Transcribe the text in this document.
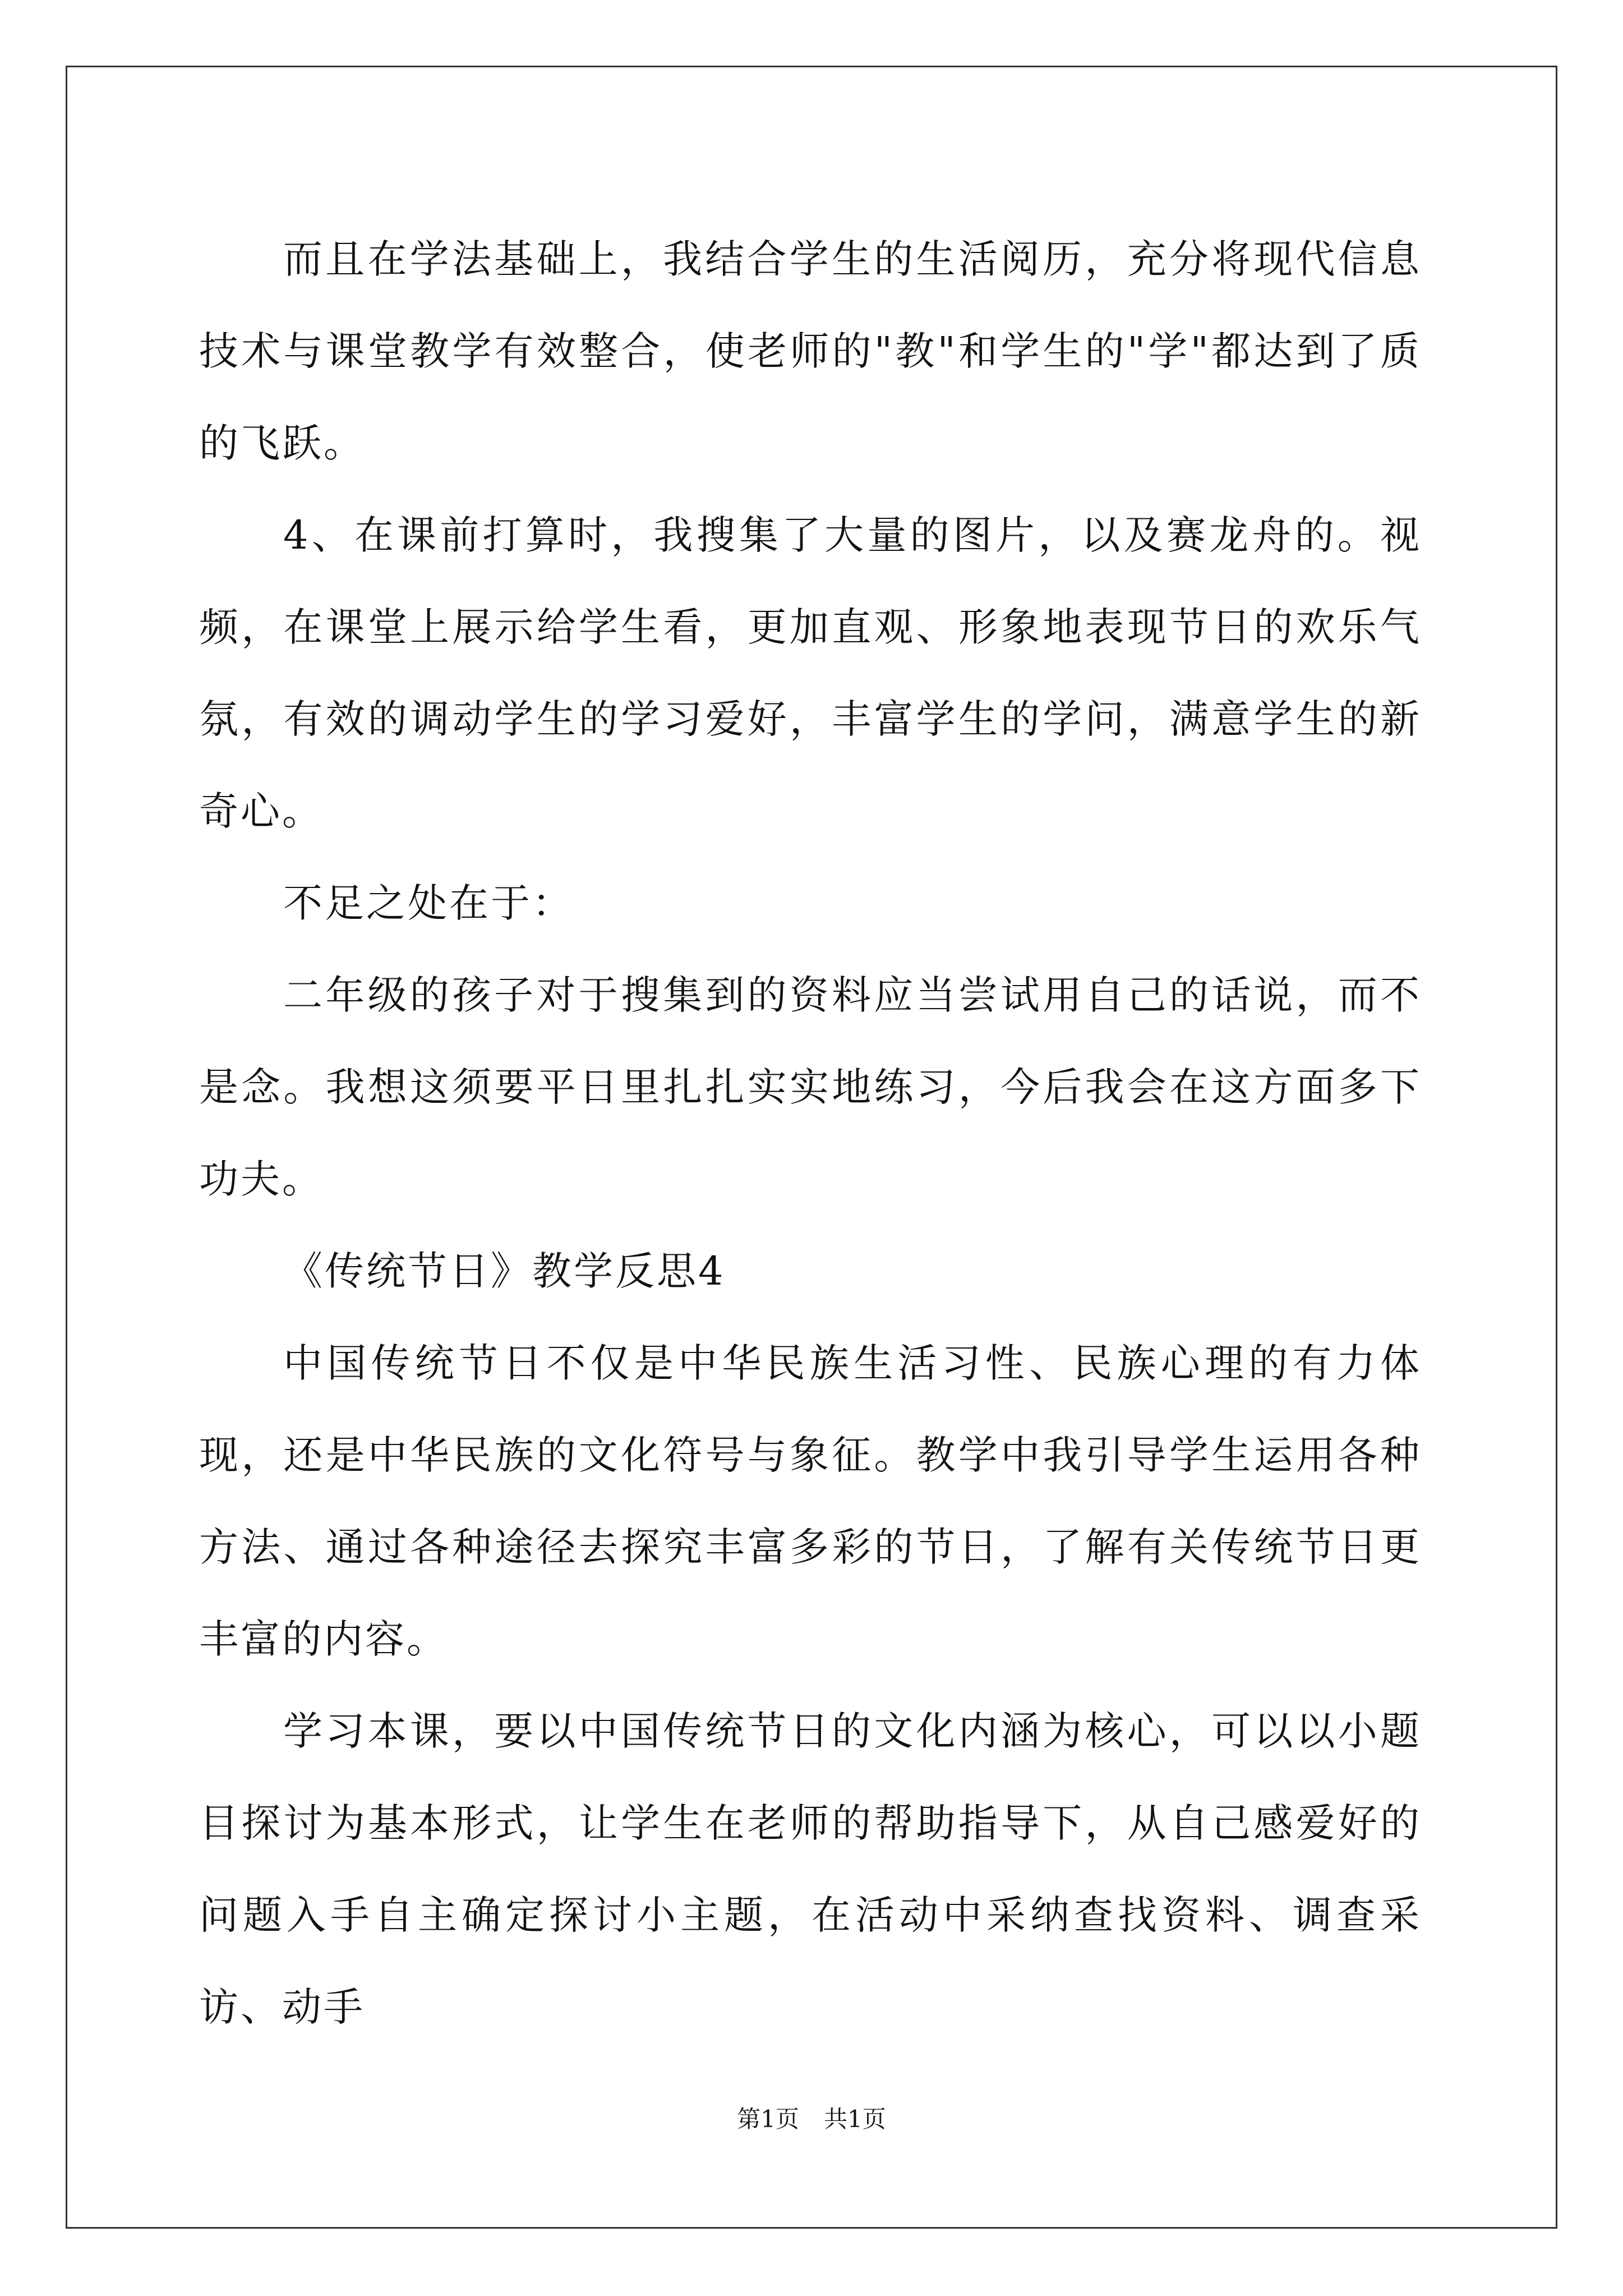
而且在学法基础上，我结合学生的生活阅历，充分将现代信息技术与课堂教学有效整合，使老师的"教"和学生的"学"都达到了质的飞跃。

4、在课前打算时，我搜集了大量的图片，以及赛龙舟的。视频，在课堂上展示给学生看，更加直观、形象地表现节日的欢乐气氛，有效的调动学生的学习爱好，丰富学生的学问，满意学生的新奇心。

不足之处在于：

二年级的孩子对于搜集到的资料应当尝试用自己的话说，而不是念。我想这须要平日里扎扎实实地练习，今后我会在这方面多下功夫。

《传统节日》教学反思4

中国传统节日不仅是中华民族生活习性、民族心理的有力体现，还是中华民族的文化符号与象征。教学中我引导学生运用各种方法、通过各种途径去探究丰富多彩的节日，了解有关传统节日更丰富的内容。

学习本课，要以中国传统节日的文化内涵为核心，可以以小题目探讨为基本形式，让学生在老师的帮助指导下，从自己感爱好的问题入手自主确定探讨小主题，在活动中采纳查找资料、调查采访、动手

第1页 共1页
